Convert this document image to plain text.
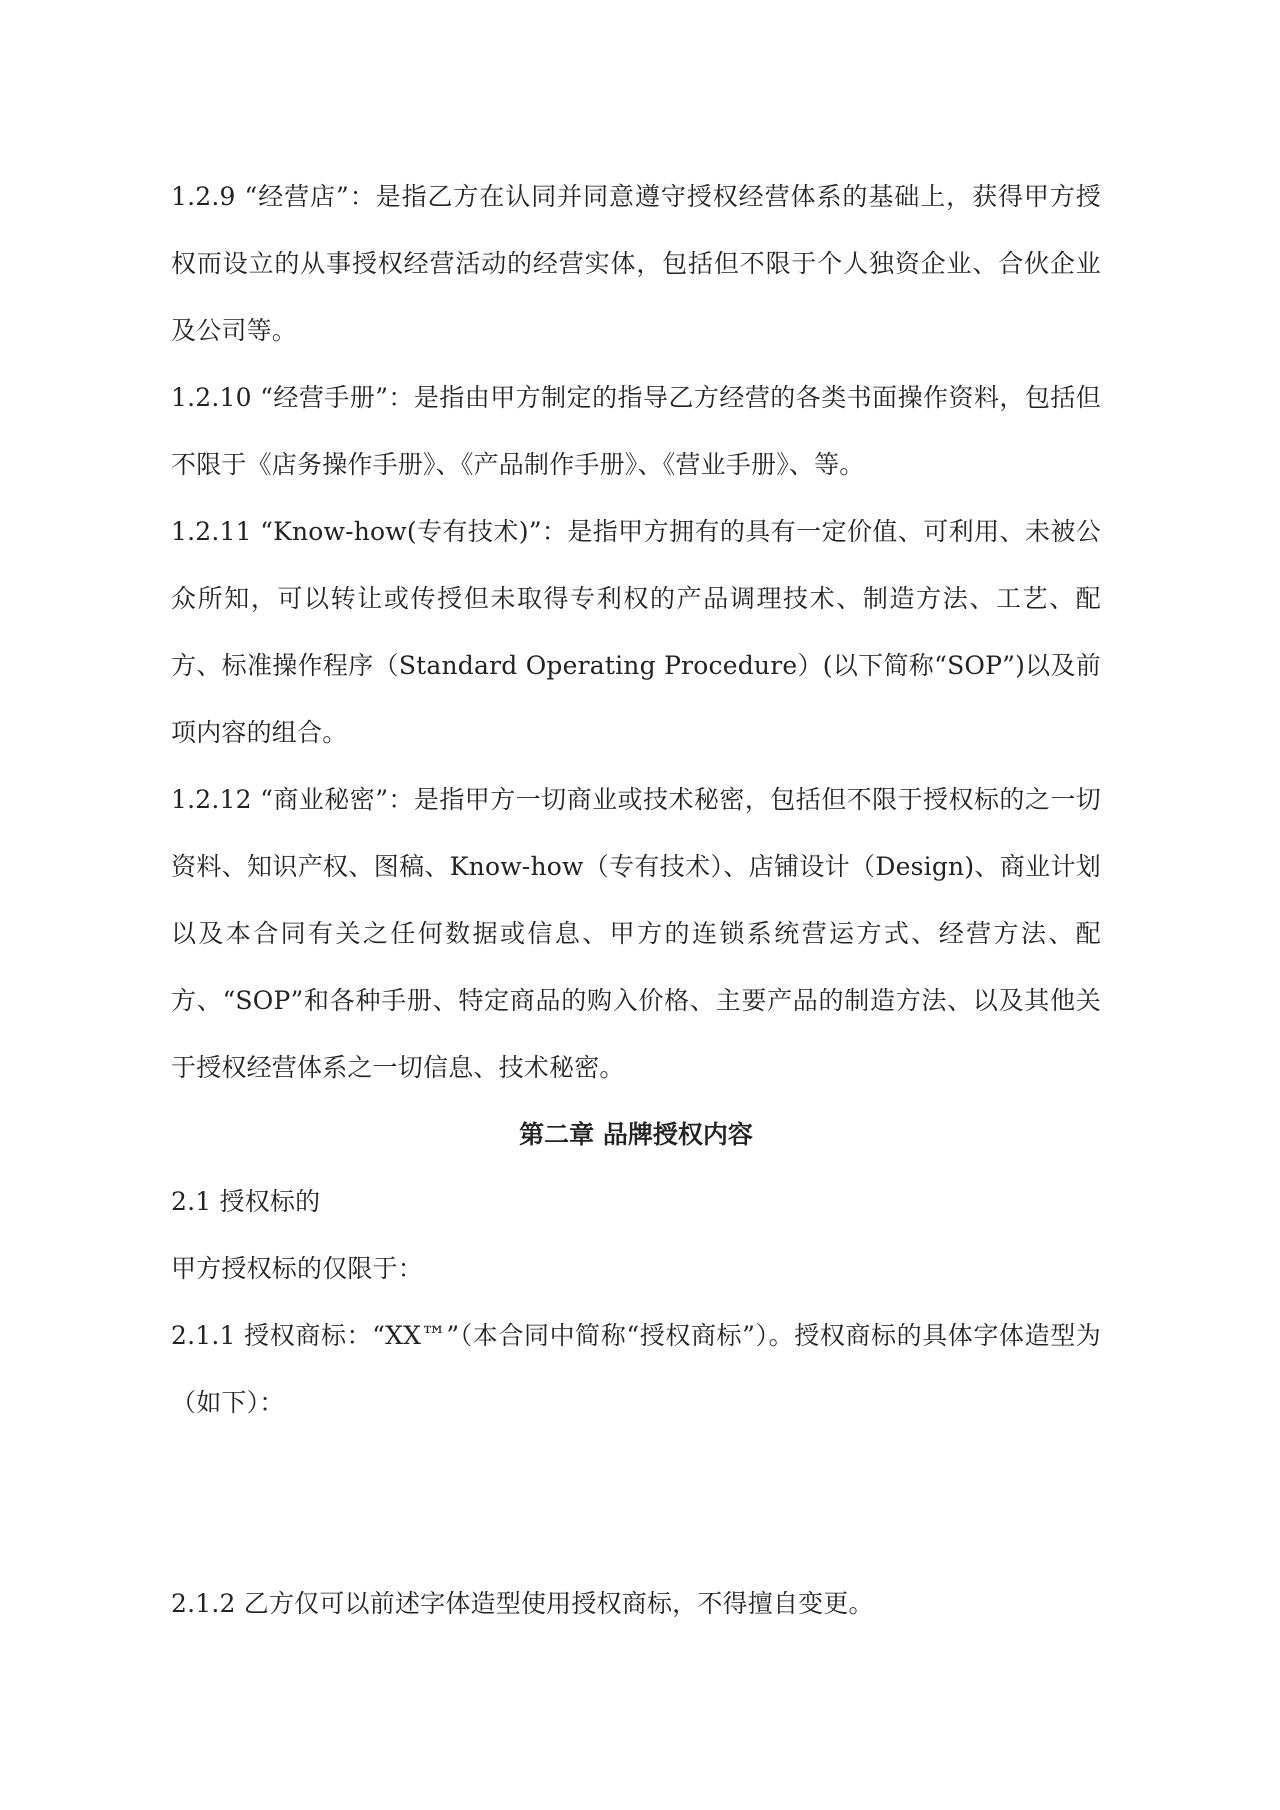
1.2.9 “经营店”：是指乙方在认同并同意遵守授权经营体系的基础上，获得甲方授权而设立的从事授权经营活动的经营实体，包括但不限于个人独资企业、合伙企业及公司等。

1.2.10 “经营手册”：是指由甲方制定的指导乙方经营的各类书面操作资料，包括但不限于《店务操作手册》、《产品制作手册》、《营业手册》、等。

1.2.11 “Know-how(专有技术)”：是指甲方拥有的具有一定价值、可利用、未被公众所知，可以转让或传授但未取得专利权的产品调理技术、制造方法、工艺、配方、标准操作程序（Standard Operating Procedure）(以下简称“SOP”)以及前项内容的组合。

1.2.12 “商业秘密”：是指甲方一切商业或技术秘密，包括但不限于授权标的之一切资料、知识产权、图稿、Know-how（专有技术）、店铺设计（Design)、商业计划以及本合同有关之任何数据或信息、甲方的连锁系统营运方式、经营方法、配方、“SOP”和各种手册、特定商品的购入价格、主要产品的制造方法、以及其他关于授权经营体系之一切信息、技术秘密。

第二章 品牌授权内容

2.1 授权标的

甲方授权标的仅限于：

2.1.1 授权商标：“XX™”（本合同中简称“授权商标”）。授权商标的具体字体造型为（如下）：

2.1.2 乙方仅可以前述字体造型使用授权商标，不得擅自变更。
